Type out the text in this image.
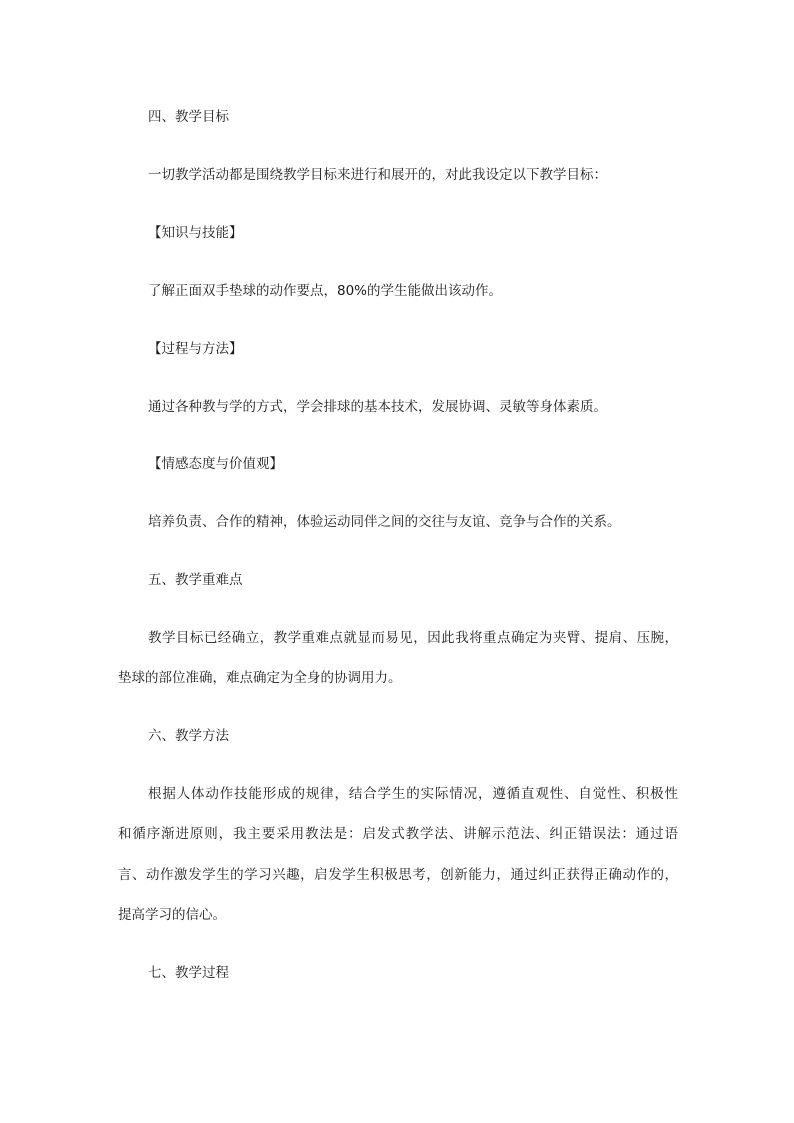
四、教学目标
一切教学活动都是围绕教学目标来进行和展开的，对此我设定以下教学目标：
【知识与技能】
了解正面双手垫球的动作要点，80%的学生能做出该动作。
【过程与方法】
通过各种教与学的方式，学会排球的基本技术，发展协调、灵敏等身体素质。
【情感态度与价值观】
培养负责、合作的精神，体验运动同伴之间的交往与友谊、竞争与合作的关系。
五、教学重难点
教学目标已经确立，教学重难点就显而易见，因此我将重点确定为夹臂、提肩、压腕，
垫球的部位准确，难点确定为全身的协调用力。
六、教学方法
根据人体动作技能形成的规律，结合学生的实际情况，遵循直观性、自觉性、积极性
和循序渐进原则，我主要采用教法是：启发式教学法、讲解示范法、纠正错误法：通过语
言、动作激发学生的学习兴趣，启发学生积极思考，创新能力，通过纠正获得正确动作的，
提高学习的信心。
七、教学过程
